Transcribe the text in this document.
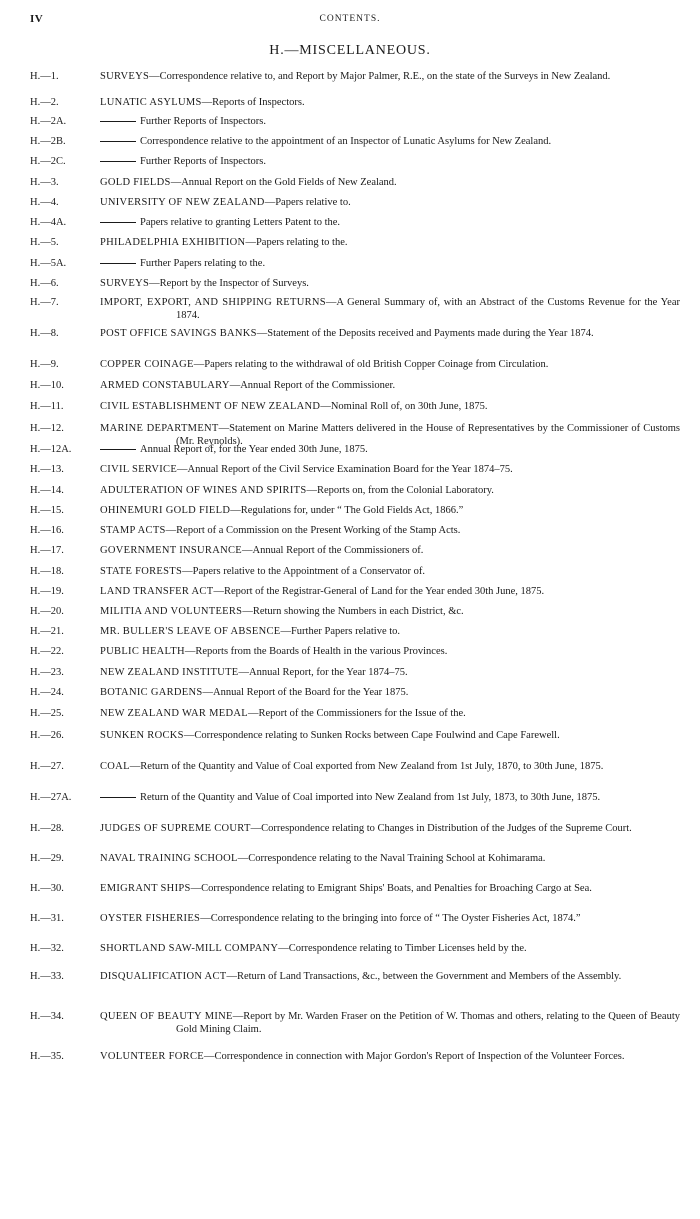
IV	CONTENTS.
H.—MISCELLANEOUS.
H.—1.	SURVEYS—Correspondence relative to, and Report by Major Palmer, R.E., on the state of the Surveys in New Zealand.
H.—2.	LUNATIC ASYLUMS—Reports of Inspectors.
H.—2A.	Further Reports of Inspectors.
H.—2B.	Correspondence relative to the appointment of an Inspector of Lunatic Asylums for New Zealand.
H.—2C.	Further Reports of Inspectors.
H.—3.	GOLD FIELDS—Annual Report on the Gold Fields of New Zealand.
H.—4.	UNIVERSITY OF NEW ZEALAND—Papers relative to.
H.—4A.	Papers relative to granting Letters Patent to the.
H.—5.	PHILADELPHIA EXHIBITION—Papers relating to the.
H.—5A.	Further Papers relating to the.
H.—6.	SURVEYS—Report by the Inspector of Surveys.
H.—7.	IMPORT, EXPORT, AND SHIPPING RETURNS—A General Summary of, with an Abstract of the Customs Revenue for the Year 1874.
H.—8.	POST OFFICE SAVINGS BANKS—Statement of the Deposits received and Payments made during the Year 1874.
H.—9.	COPPER COINAGE—Papers relating to the withdrawal of old British Copper Coinage from Circulation.
H.—10.	ARMED CONSTABULARY—Annual Report of the Commissioner.
H.—11.	CIVIL ESTABLISHMENT OF NEW ZEALAND—Nominal Roll of, on 30th June, 1875.
H.—12.	MARINE DEPARTMENT—Statement on Marine Matters delivered in the House of Representatives by the Commissioner of Customs (Mr. Reynolds).
H.—12A.	Annual Report of, for the Year ended 30th June, 1875.
H.—13.	CIVIL SERVICE—Annual Report of the Civil Service Examination Board for the Year 1874–75.
H.—14.	ADULTERATION OF WINES AND SPIRITS—Reports on, from the Colonial Laboratory.
H.—15.	OHINEMURI GOLD FIELD—Regulations for, under “ The Gold Fields Act, 1866.”
H.—16.	STAMP ACTS—Report of a Commission on the Present Working of the Stamp Acts.
H.—17.	GOVERNMENT INSURANCE—Annual Report of the Commissioners of.
H.—18.	STATE FORESTS—Papers relative to the Appointment of a Conservator of.
H.—19.	LAND TRANSFER ACT—Report of the Registrar-General of Land for the Year ended 30th June, 1875.
H.—20.	MILITIA AND VOLUNTEERS—Return showing the Numbers in each District, &c.
H.—21.	MR. BULLER'S LEAVE OF ABSENCE—Further Papers relative to.
H.—22.	PUBLIC HEALTH—Reports from the Boards of Health in the various Provinces.
H.—23.	NEW ZEALAND INSTITUTE—Annual Report, for the Year 1874–75.
H.—24.	BOTANIC GARDENS—Annual Report of the Board for the Year 1875.
H.—25.	NEW ZEALAND WAR MEDAL—Report of the Commissioners for the Issue of the.
H.—26.	SUNKEN ROCKS—Correspondence relating to Sunken Rocks between Cape Foulwind and Cape Farewell.
H.—27.	COAL—Return of the Quantity and Value of Coal exported from New Zealand from 1st July, 1870, to 30th June, 1875.
H.—27A.	Return of the Quantity and Value of Coal imported into New Zealand from 1st July, 1873, to 30th June, 1875.
H.—28.	JUDGES OF SUPREME COURT—Correspondence relating to Changes in Distribution of the Judges of the Supreme Court.
H.—29.	NAVAL TRAINING SCHOOL—Correspondence relating to the Naval Training School at Kohimarama.
H.—30.	EMIGRANT SHIPS—Correspondence relating to Emigrant Ships' Boats, and Penalties for Broaching Cargo at Sea.
H.—31.	OYSTER FISHERIES—Correspondence relating to the bringing into force of “ The Oyster Fisheries Act, 1874.”
H.—32.	SHORTLAND SAW-MILL COMPANY—Correspondence relating to Timber Licenses held by the.
H.—33.	DISQUALIFICATION ACT—Return of Land Transactions, &c., between the Government and Members of the Assembly.
H.—34.	QUEEN OF BEAUTY MINE—Report by Mr. Warden Fraser on the Petition of W. Thomas and others, relating to the Queen of Beauty Gold Mining Claim.
H.—35.	VOLUNTEER FORCE—Correspondence in connection with Major Gordon's Report of Inspection of the Volunteer Forces.
